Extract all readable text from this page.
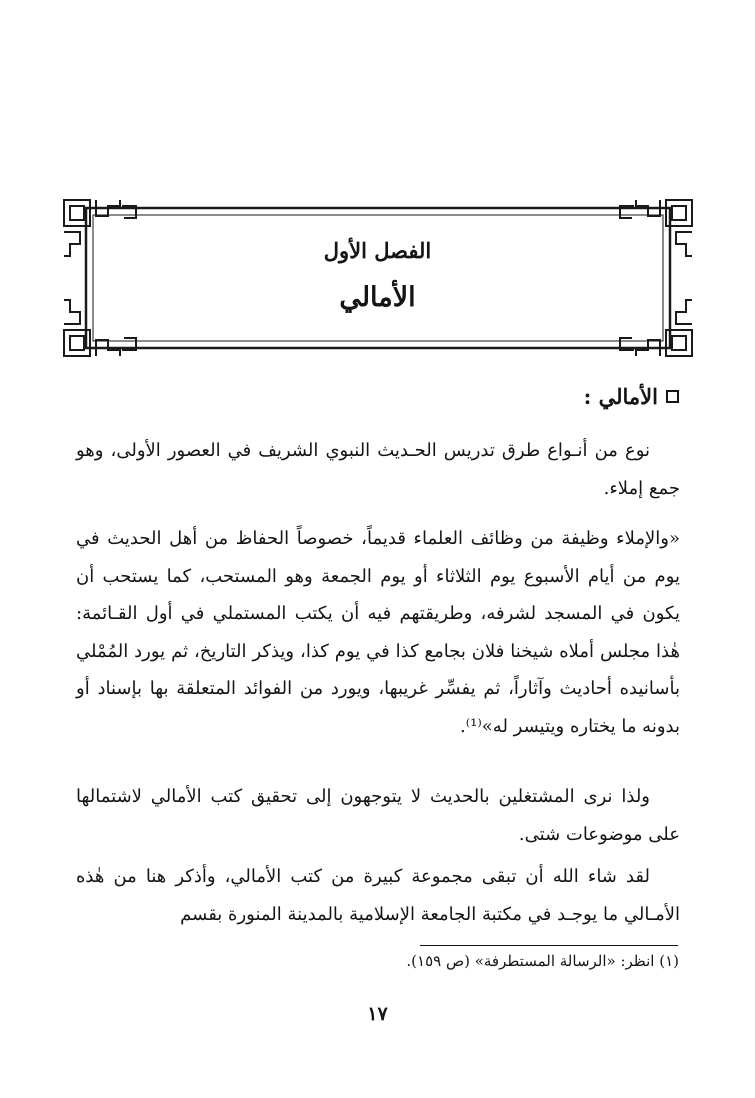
الفصل الأول
الأمالي
الأمالي :
نوع من أنـواع طرق تدريس الحـديث النبوي الشريف في العصور الأولى، وهو جمع إملاء.
«والإملاء وظيفة من وظائف العلماء قديماً، خصوصاً الحفاظ من أهل الحديث في يوم من أيام الأسبوع يوم الثلاثاء أو يوم الجمعة وهو المستحب، كما يستحب أن يكون في المسجد لشرفه، وطريقتهم فيه أن يكتب المستملي في أول القـائمة: هٰذا مجلس أملاه شيخنا فلان بجامع كذا في يوم كذا، ويذكر التاريخ، ثم يورد المُمْلي بأسانيده أحاديث وآثاراً، ثم يفسِّر غريبها، ويورد من الفوائد المتعلقة بها بإسناد أو بدونه ما يختاره ويتيسر له»⁽¹⁾.
ولذا نرى المشتغلين بالحديث لا يتوجهون إلى تحقيق كتب الأمالي لاشتمالها على موضوعات شتى.
لقد شاء الله أن تبقى مجموعة كبيرة من كتب الأمالي، وأذكر هنا من هٰذه الأمـالي ما يوجـد في مكتبة الجامعة الإسلامية بالمدينة المنورة بقسم
(١) انظر: «الرسالة المستطرفة» (ص ١٥٩).
١٧
